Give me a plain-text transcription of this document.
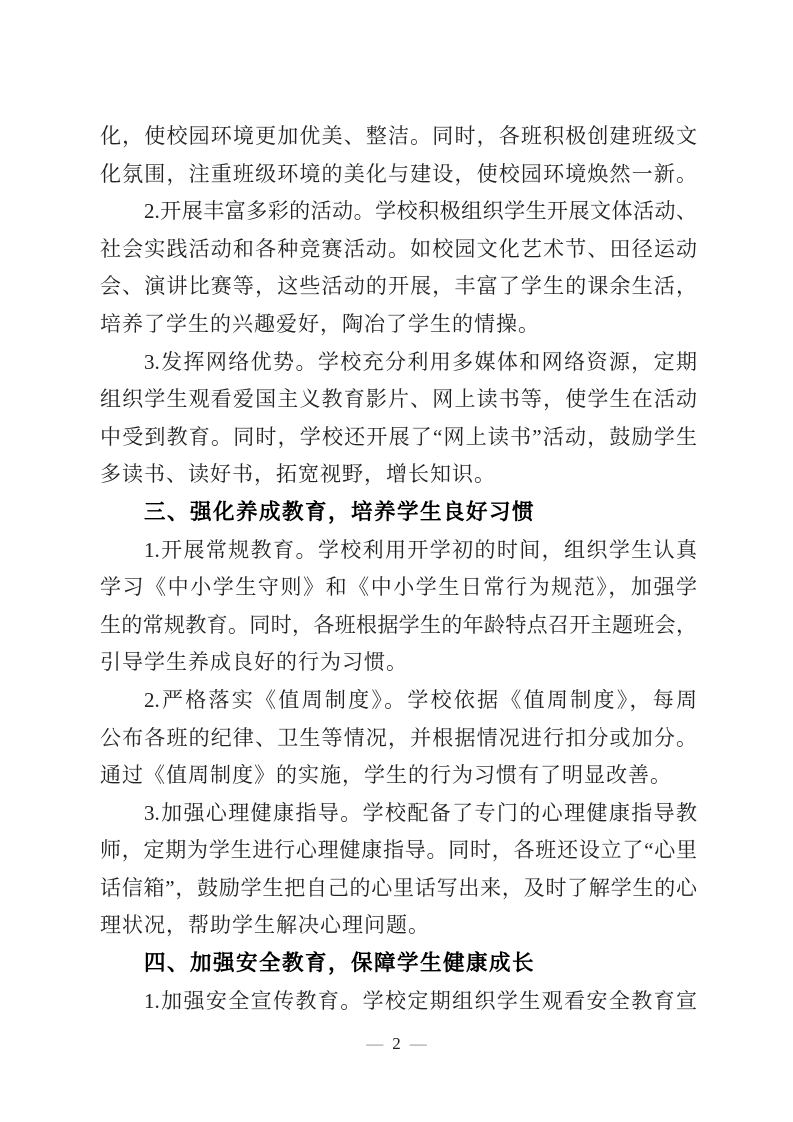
化，使校园环境更加优美、整洁。同时，各班积极创建班级文
化氛围，注重班级环境的美化与建设，使校园环境焕然一新。
2.开展丰富多彩的活动。学校积极组织学生开展文体活动、
社会实践活动和各种竞赛活动。如校园文化艺术节、田径运动
会、演讲比赛等，这些活动的开展，丰富了学生的课余生活，
培养了学生的兴趣爱好，陶冶了学生的情操。
3.发挥网络优势。学校充分利用多媒体和网络资源，定期
组织学生观看爱国主义教育影片、网上读书等，使学生在活动
中受到教育。同时，学校还开展了“网上读书”活动，鼓励学生
多读书、读好书，拓宽视野，增长知识。
三、强化养成教育，培养学生良好习惯
1.开展常规教育。学校利用开学初的时间，组织学生认真
学习《中小学生守则》和《中小学生日常行为规范》，加强学
生的常规教育。同时，各班根据学生的年龄特点召开主题班会，
引导学生养成良好的行为习惯。
2.严格落实《值周制度》。学校依据《值周制度》，每周
公布各班的纪律、卫生等情况，并根据情况进行扣分或加分。
通过《值周制度》的实施，学生的行为习惯有了明显改善。
3.加强心理健康指导。学校配备了专门的心理健康指导教
师，定期为学生进行心理健康指导。同时，各班还设立了“心里
话信箱”，鼓励学生把自己的心里话写出来，及时了解学生的心
理状况，帮助学生解决心理问题。
四、加强安全教育，保障学生健康成长
1.加强安全宣传教育。学校定期组织学生观看安全教育宣
— 2 —
